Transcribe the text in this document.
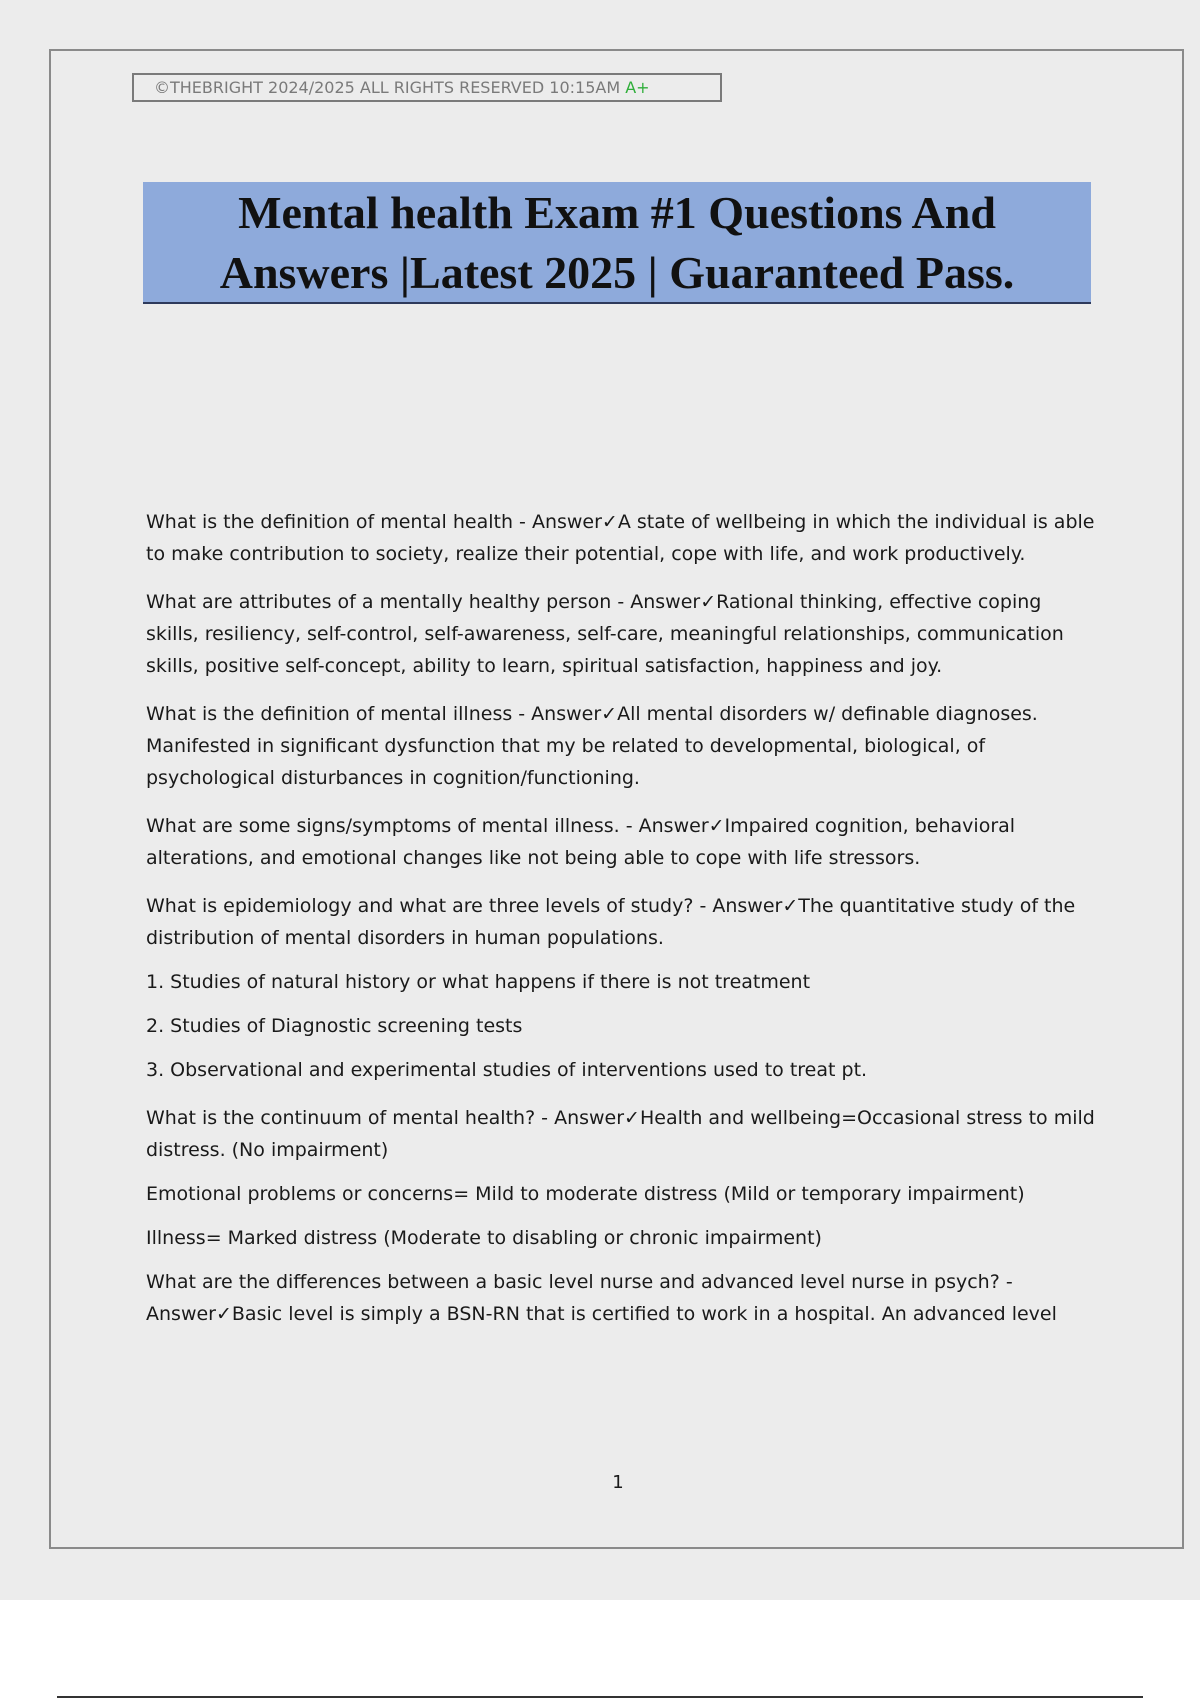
©THEBRIGHT 2024/2025 ALL RIGHTS RESERVED 10:15AM A+
Mental health Exam #1 Questions And
Answers |Latest 2025 | Guaranteed Pass.

What is the definition of mental health - Answer✓A state of wellbeing in which the individual is able to make contribution to society, realize their potential, cope with life, and work productively.

What are attributes of a mentally healthy person - Answer✓Rational thinking, effective coping skills, resiliency, self-control, self-awareness, self-care, meaningful relationships, communication skills, positive self-concept, ability to learn, spiritual satisfaction, happiness and joy.

What is the definition of mental illness - Answer✓All mental disorders w/ definable diagnoses. Manifested in significant dysfunction that my be related to developmental, biological, of psychological disturbances in cognition/functioning.

What are some signs/symptoms of mental illness. - Answer✓Impaired cognition, behavioral alterations, and emotional changes like not being able to cope with life stressors.

What is epidemiology and what are three levels of study? - Answer✓The quantitative study of the distribution of mental disorders in human populations.

1. Studies of natural history or what happens if there is not treatment

2. Studies of Diagnostic screening tests

3. Observational and experimental studies of interventions used to treat pt.

What is the continuum of mental health? - Answer✓Health and wellbeing=Occasional stress to mild distress. (No impairment)

Emotional problems or concerns= Mild to moderate distress (Mild or temporary impairment)

Illness= Marked distress (Moderate to disabling or chronic impairment)

What are the differences between a basic level nurse and advanced level nurse in psych? - Answer✓Basic level is simply a BSN-RN that is certified to work in a hospital. An advanced level

1
